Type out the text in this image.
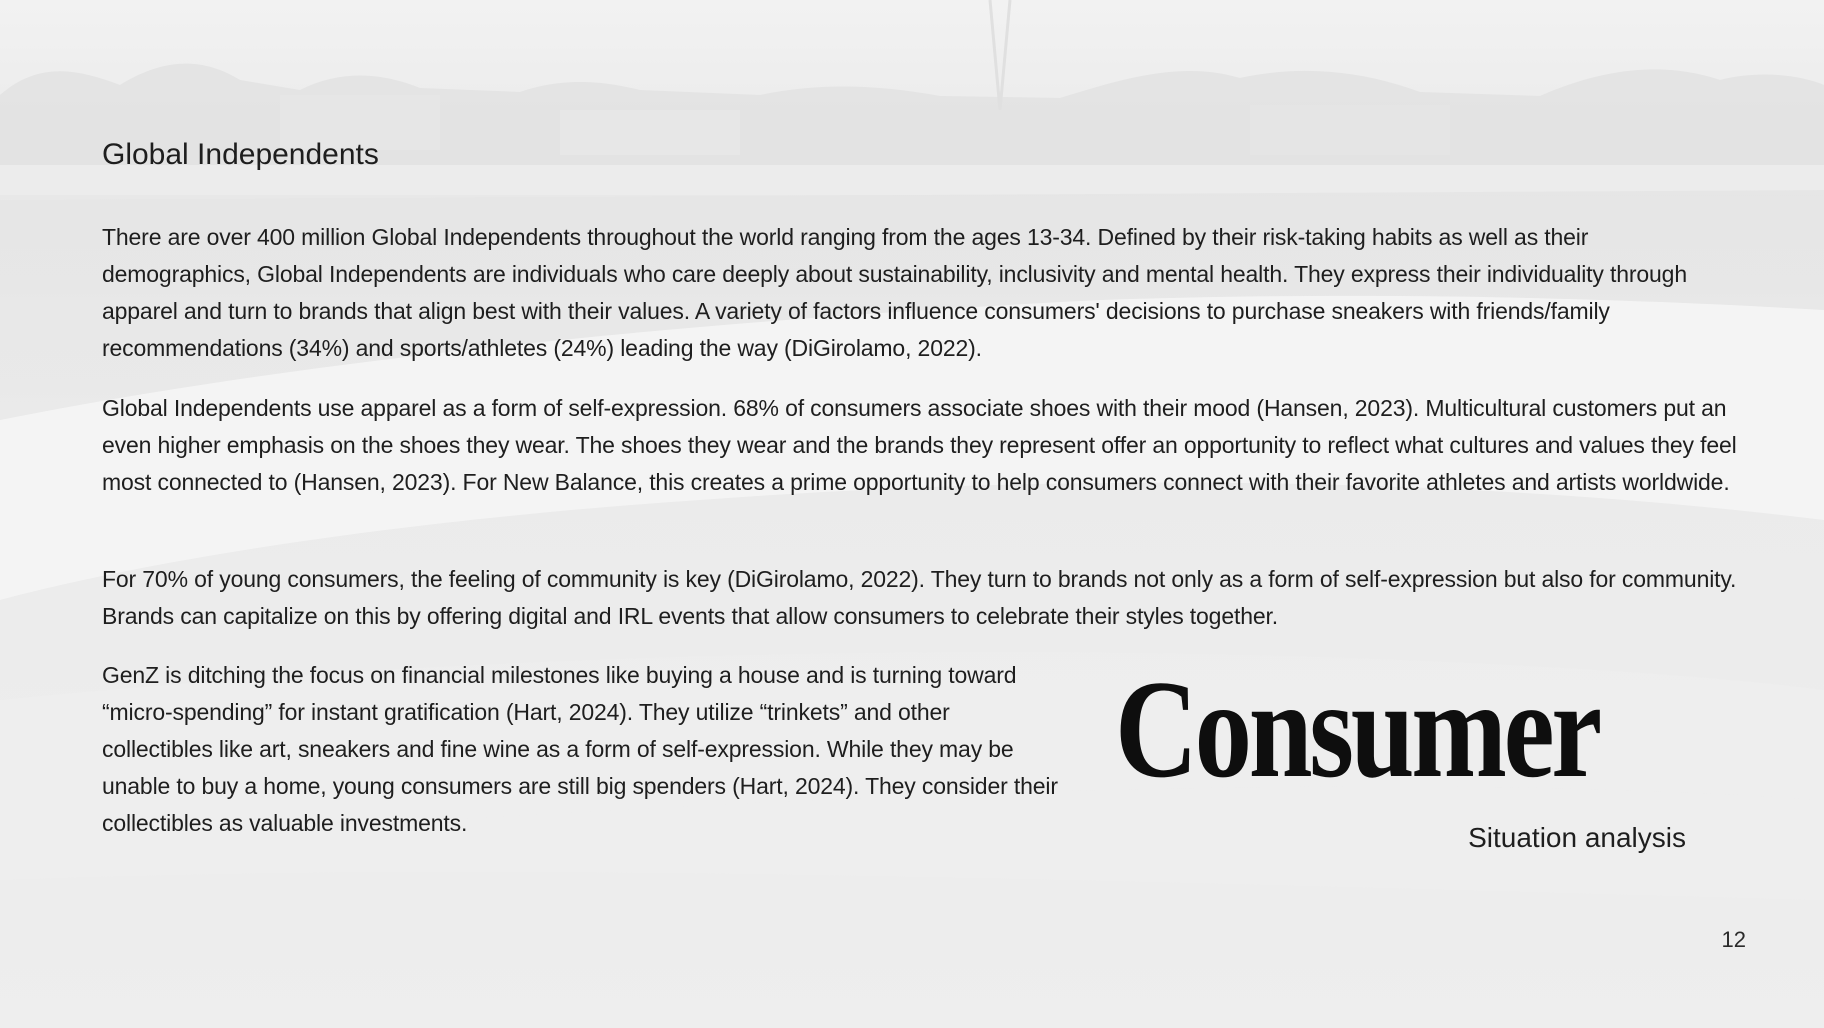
Global Independents

There are over 400 million Global Independents throughout the world ranging from the ages 13-34. Defined by their risk-taking habits as well as their demographics, Global Independents are individuals who care deeply about sustainability, inclusivity and mental health. They express their individuality through apparel and turn to brands that align best with their values. A variety of factors influence consumers' decisions to purchase sneakers with friends/family recommendations (34%) and sports/athletes (24%) leading the way (DiGirolamo, 2022).

Global Independents use apparel as a form of self-expression. 68% of consumers associate shoes with their mood (Hansen, 2023). Multicultural customers put an even higher emphasis on the shoes they wear. The shoes they wear and the brands they represent offer an opportunity to reflect what cultures and values they feel most connected to (Hansen, 2023). For New Balance, this creates a prime opportunity to help consumers connect with their favorite athletes and artists worldwide.

For 70% of young consumers, the feeling of community is key (DiGirolamo, 2022). They turn to brands not only as a form of self-expression but also for community. Brands can capitalize on this by offering digital and IRL events that allow consumers to celebrate their styles together.

GenZ is ditching the focus on financial milestones like buying a house and is turning toward “micro-spending” for instant gratification (Hart, 2024). They utilize “trinkets” and other collectibles like art, sneakers and fine wine as a form of self-expression. While they may be unable to buy a home, young consumers are still big spenders (Hart, 2024). They consider their collectibles as valuable investments.

Consumer

Situation analysis

12
